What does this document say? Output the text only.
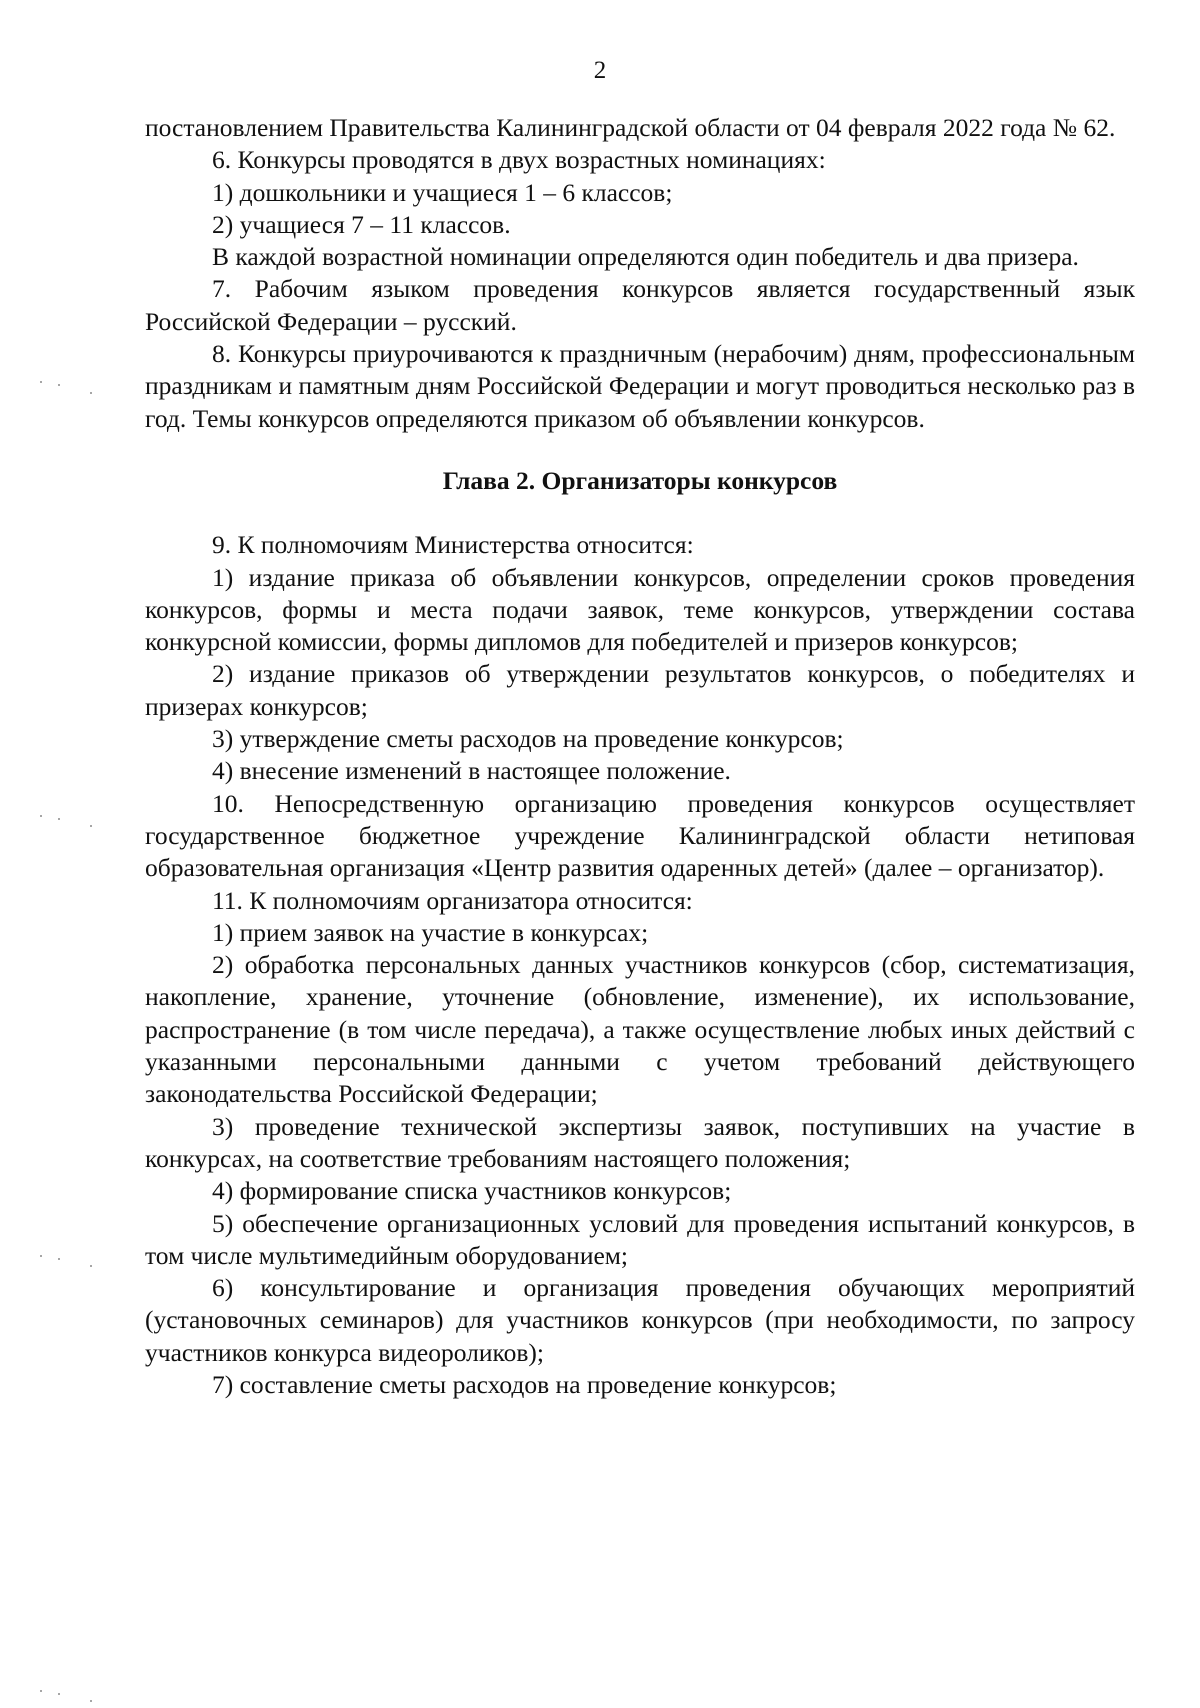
2

постановлением Правительства Калининградской области от 04 февраля 2022 года № 62.

6. Конкурсы проводятся в двух возрастных номинациях:

1) дошкольники и учащиеся 1 – 6 классов;

2) учащиеся 7 – 11 классов.

В каждой возрастной номинации определяются один победитель и два призера.

7. Рабочим языком проведения конкурсов является государственный язык Российской Федерации – русский.

8. Конкурсы приурочиваются к праздничным (нерабочим) дням, профессиональным праздникам и памятным дням Российской Федерации и могут проводиться несколько раз в год. Темы конкурсов определяются приказом об объявлении конкурсов.

Глава 2. Организаторы конкурсов

9. К полномочиям Министерства относится:

1) издание приказа об объявлении конкурсов, определении сроков проведения конкурсов, формы и места подачи заявок, теме конкурсов, утверждении состава конкурсной комиссии, формы дипломов для победителей и призеров конкурсов;

2) издание приказов об утверждении результатов конкурсов, о победителях и призерах конкурсов;

3) утверждение сметы расходов на проведение конкурсов;

4) внесение изменений в настоящее положение.

10. Непосредственную организацию проведения конкурсов осуществляет государственное бюджетное учреждение Калининградской области нетиповая образовательная организация «Центр развития одаренных детей» (далее – организатор).

11. К полномочиям организатора относится:

1) прием заявок на участие в конкурсах;

2) обработка персональных данных участников конкурсов (сбор, систематизация, накопление, хранение, уточнение (обновление, изменение), их использование, распространение (в том числе передача), а также осуществление любых иных действий с указанными персональными данными с учетом требований действующего законодательства Российской Федерации;

3) проведение технической экспертизы заявок, поступивших на участие в конкурсах, на соответствие требованиям настоящего положения;

4) формирование списка участников конкурсов;

5) обеспечение организационных условий для проведения испытаний конкурсов, в том числе мультимедийным оборудованием;

6) консультирование и организация проведения обучающих мероприятий (установочных семинаров) для участников конкурсов (при необходимости, по запросу участников конкурса видеороликов);

7) составление сметы расходов на проведение конкурсов;
